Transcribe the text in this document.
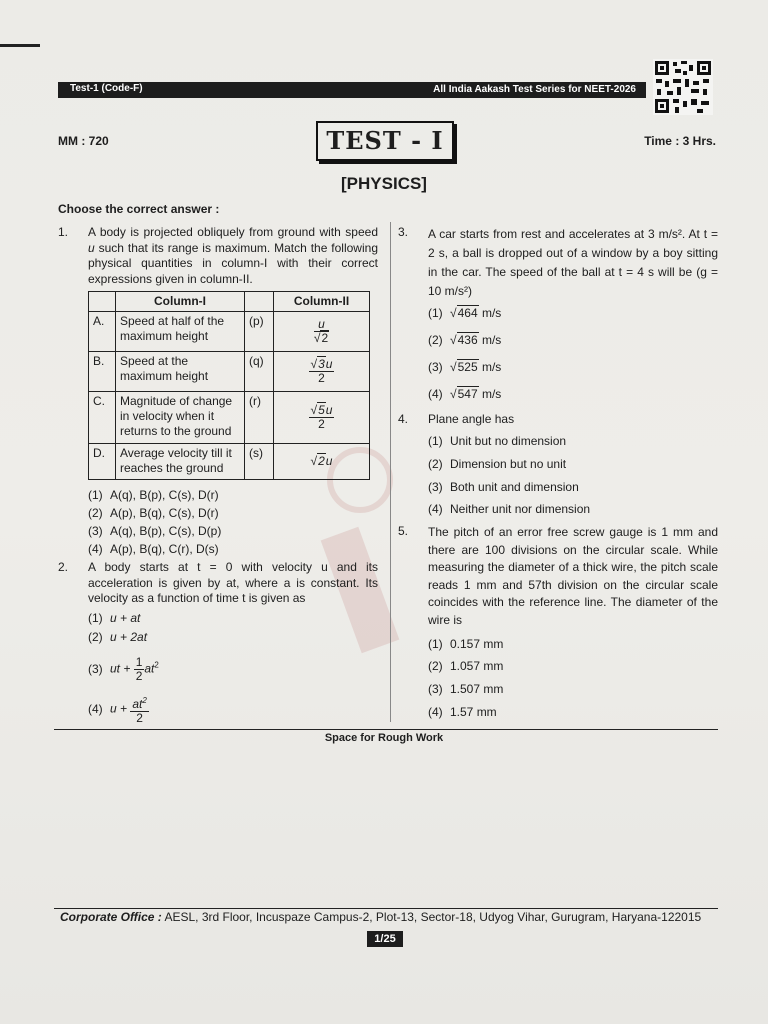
Test-1 (Code-F)	All India Aakash Test Series for NEET-2026
MM : 720	TEST - I	Time : 3 Hrs.
[PHYSICS]
Choose the correct answer :
1. A body is projected obliquely from ground with speed u such that its range is maximum. Match the following physical quantities in column-I with their correct expressions given in column-II.
	Column-I		Column-II
A.	Speed at half of the maximum height	(p)	$\frac{u}{√2}$

B.	Speed at the maximum height	(q)	$\frac{√3u}{2}$

C.	Magnitude of change in velocity when it returns to the ground	(r)	$\frac{√5u}{2}$

D.	Average velocity till it reaches the ground	(s)	√2u
(1) A(q), B(p), C(s), D(r)
(2) A(p), B(q), C(s), D(r)
(3) A(q), B(p), C(s), D(p)
(4) A(p), B(q), C(r), D(s)
2. A body starts at t = 0 with velocity u and its acceleration is given by at, where a is constant. Its velocity as a function of time t is given as
(1) u + at
(2) u + 2at
(3) ut + $\frac{1}{2} at^2$
(4) $u + \frac{at^2}{2}$
3. A car starts from rest and accelerates at 3 m/s². At t = 2 s, a ball is dropped out of a window by a boy sitting in the car. The speed of the ball at t = 4 s will be (g = 10 m/s²)
(1) √464 m/s
(2) √436 m/s
(3) √525 m/s
(4) √547 m/s
4. Plane angle has
(1) Unit but no dimension
(2) Dimension but no unit
(3) Both unit and dimension
(4) Neither unit nor dimension
5. The pitch of an error free screw gauge is 1 mm and there are 100 divisions on the circular scale. While measuring the diameter of a thick wire, the pitch scale reads 1 mm and 57th division on the circular scale coincides with the reference line. The diameter of the wire is
(1) 0.157 mm
(2) 1.057 mm
(3) 1.507 mm
(4) 1.57 mm
Space for Rough Work
Corporate Office : AESL, 3rd Floor, Incuspaze Campus-2, Plot-13, Sector-18, Udyog Vihar, Gurugram, Haryana-122015
1/25
